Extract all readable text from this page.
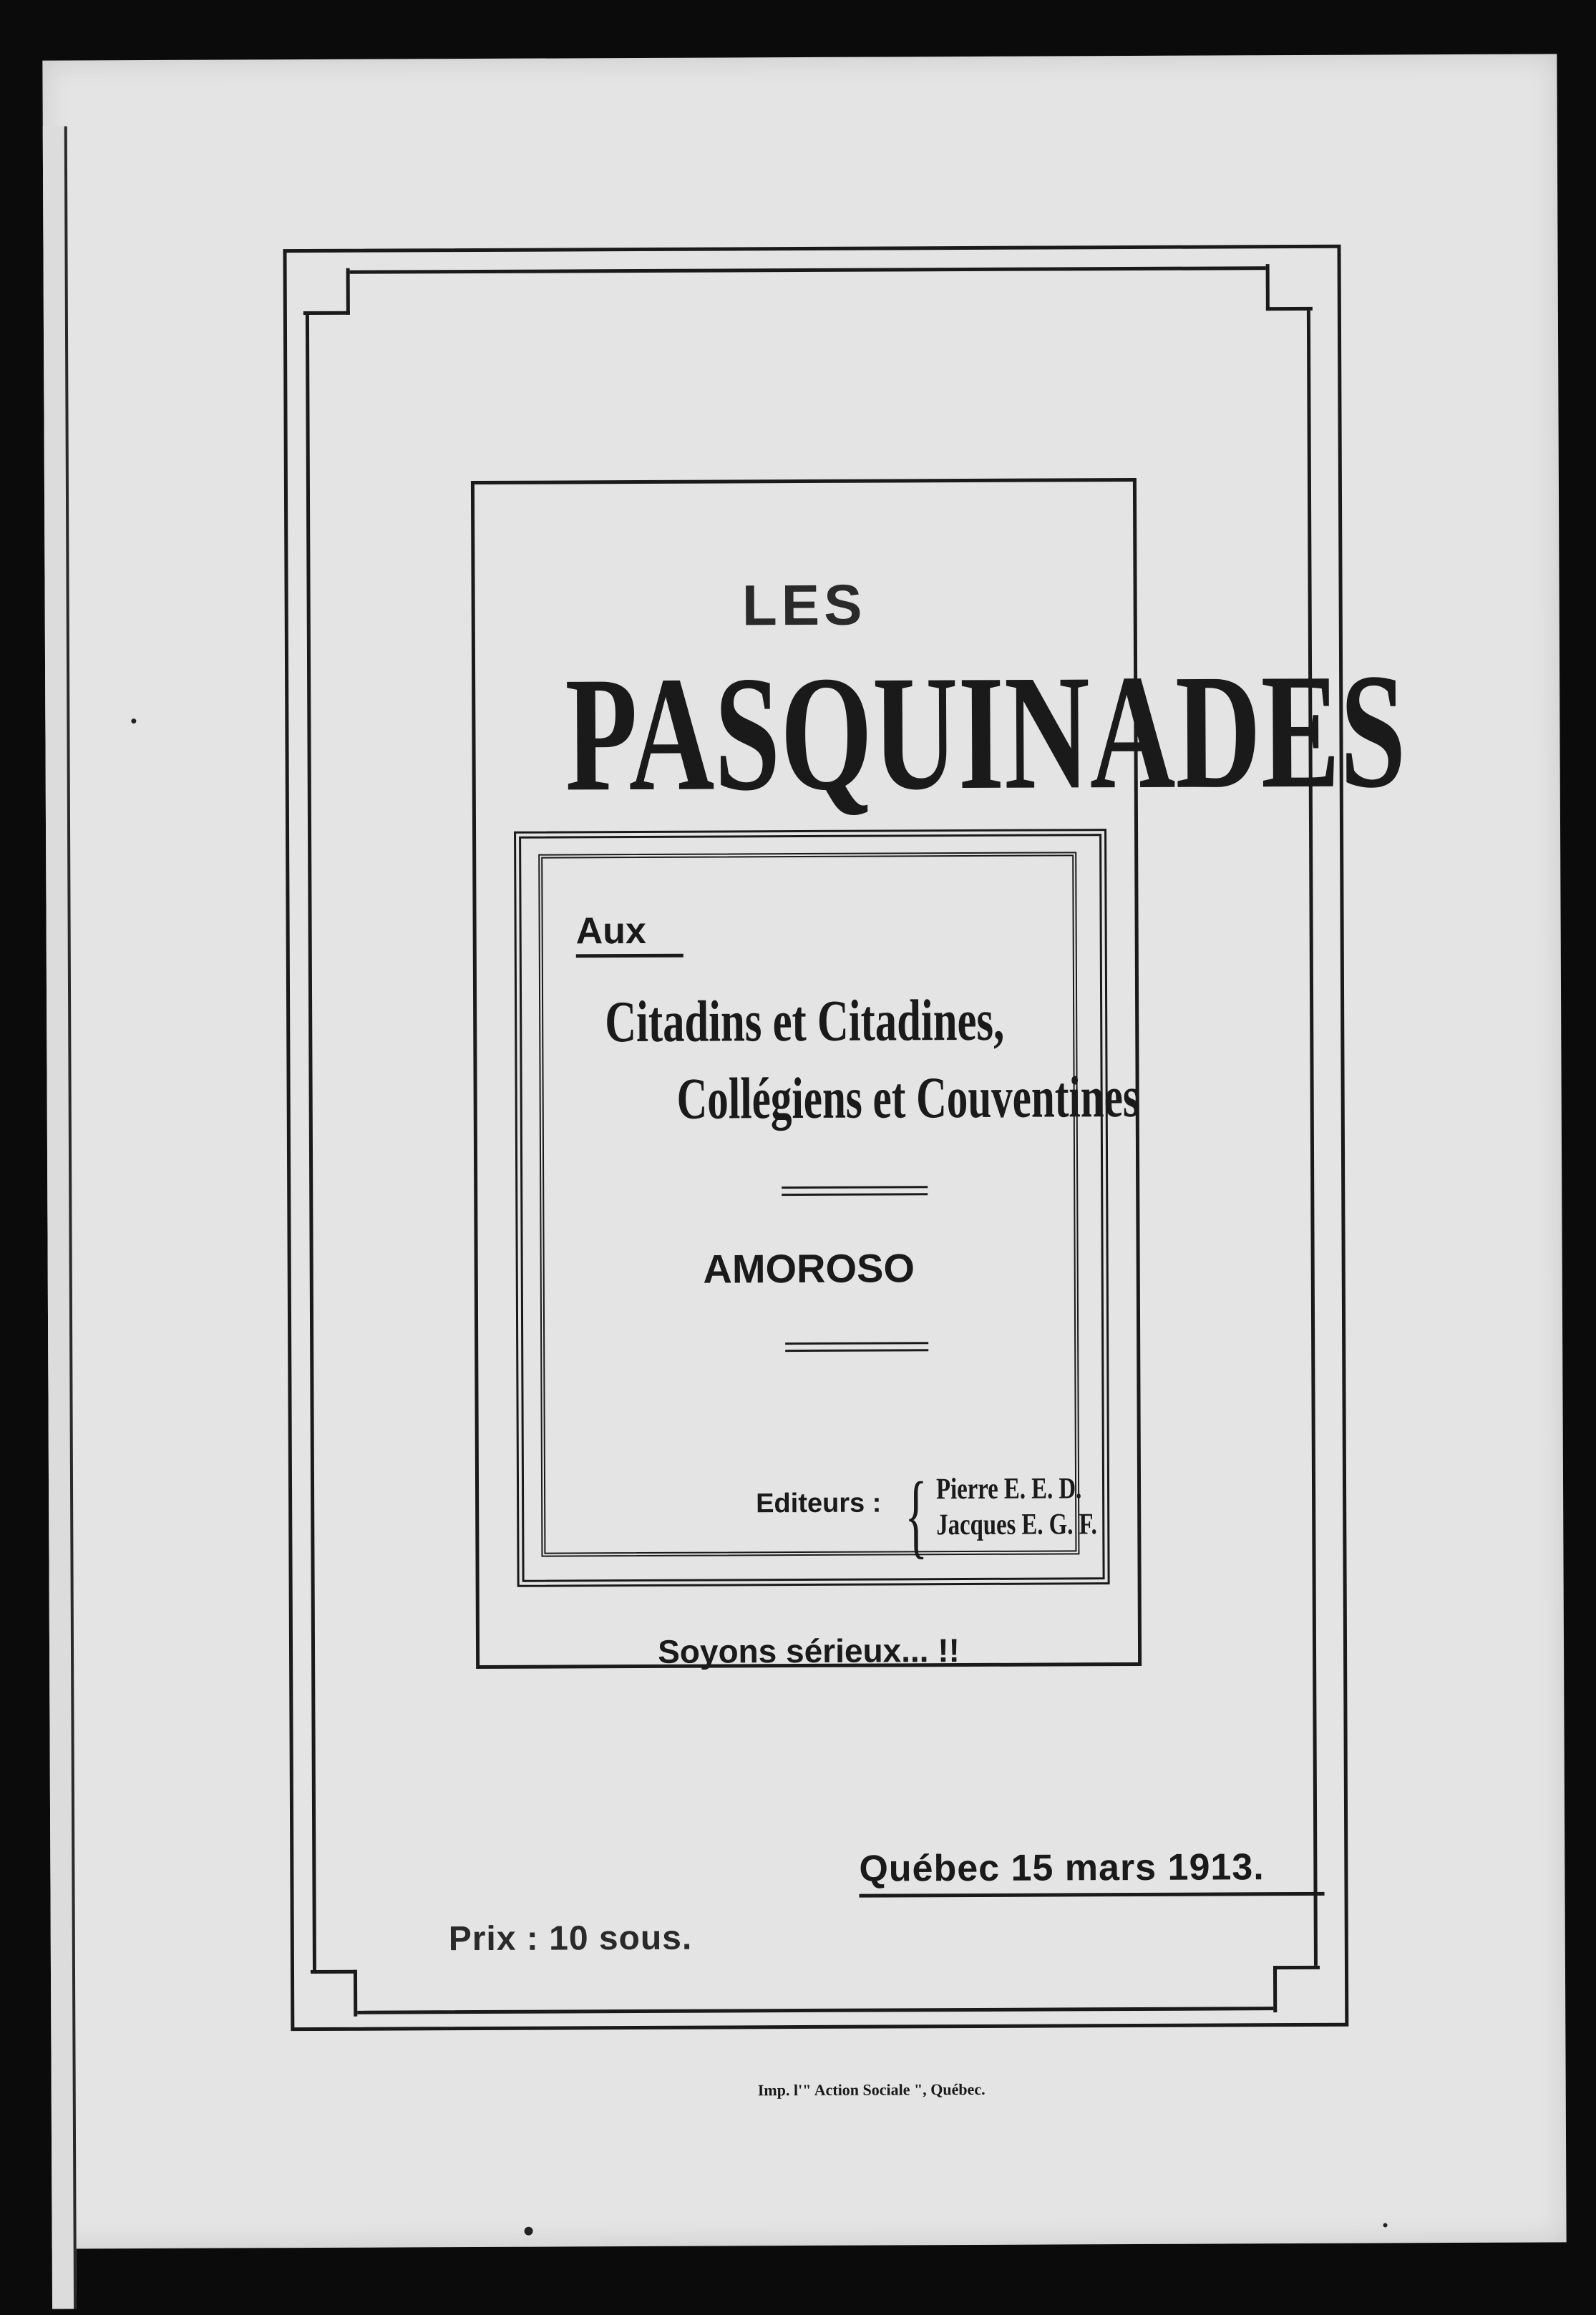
LES
PASQUINADES
Aux
Citadins et Citadines,
Collégiens et Couventines
AMOROSO
Editeurs : { Pierre E. E. D.
Jacques E. G. F.
Soyons sérieux... !!
Québec 15 mars 1913.
Prix : 10 sous.
Imp. l'" Action Sociale ", Québec.
